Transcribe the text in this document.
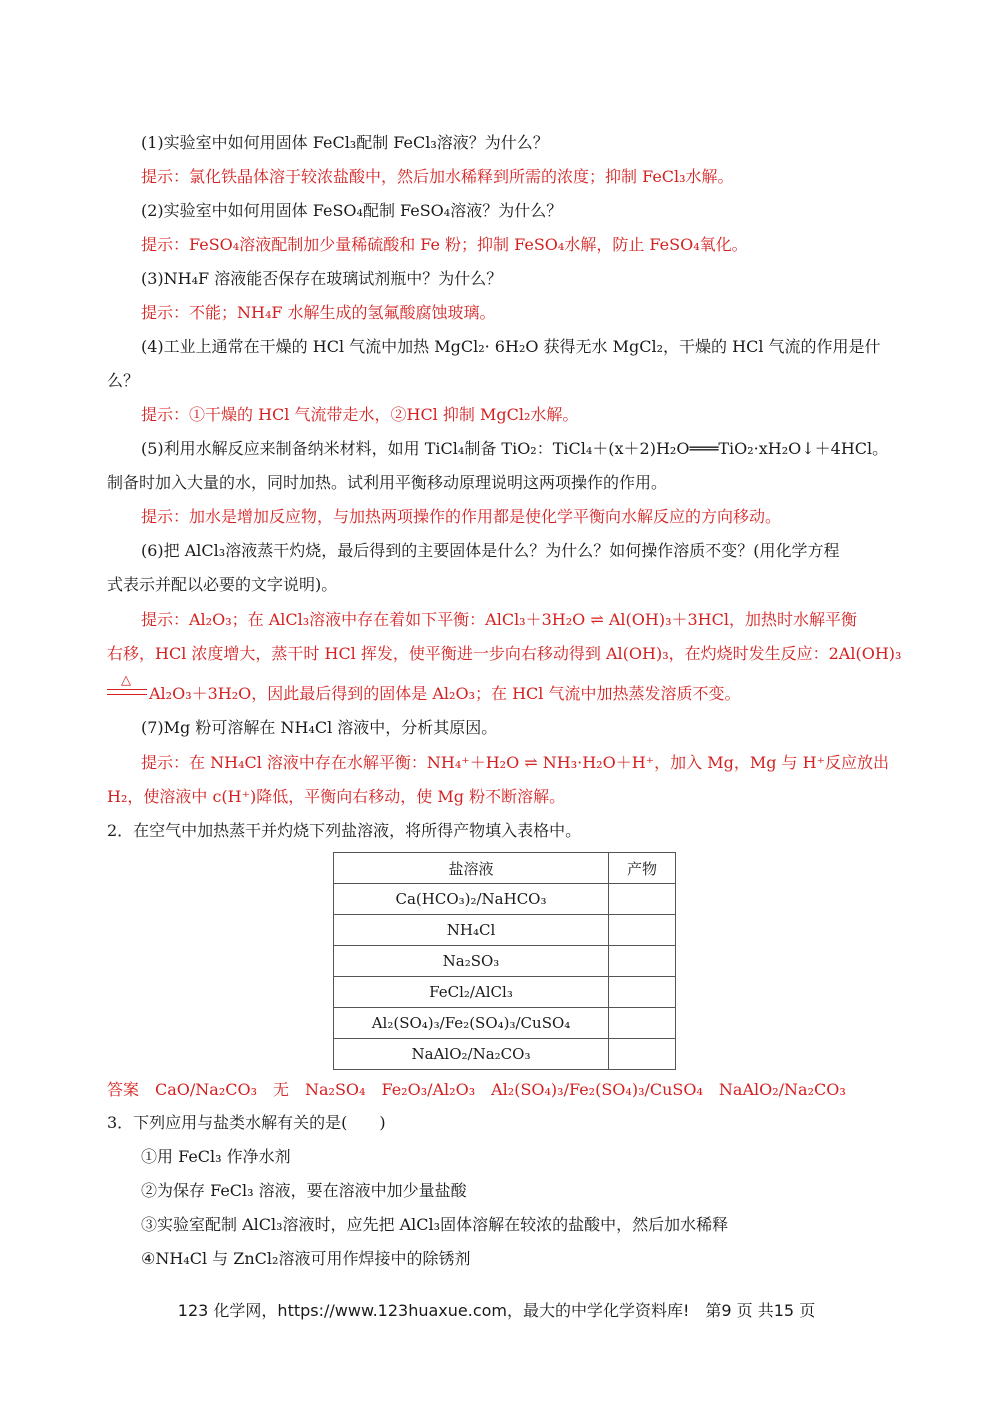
(1)实验室中如何用固体 FeCl₃配制 FeCl₃溶液？为什么？
提示：氯化铁晶体溶于较浓盐酸中，然后加水稀释到所需的浓度；抑制 FeCl₃水解。
(2)实验室中如何用固体 FeSO₄配制 FeSO₄溶液？为什么？
提示：FeSO₄溶液配制加少量稀硫酸和 Fe 粉；抑制 FeSO₄水解，防止 FeSO₄氧化。
(3)NH₄F 溶液能否保存在玻璃试剂瓶中？为什么？
提示：不能；NH₄F 水解生成的氢氟酸腐蚀玻璃。
(4)工业上通常在干燥的 HCl 气流中加热 MgCl₂· 6H₂O 获得无水 MgCl₂，干燥的 HCl 气流的作用是什
么？
提示：①干燥的 HCl 气流带走水，②HCl 抑制 MgCl₂水解。
(5)利用水解反应来制备纳米材料，如用 TiCl₄制备 TiO₂：TiCl₄＋(x＋2)H₂O═══TiO₂·xH₂O↓＋4HCl。
制备时加入大量的水，同时加热。试利用平衡移动原理说明这两项操作的作用。
提示：加水是增加反应物，与加热两项操作的作用都是使化学平衡向水解反应的方向移动。
(6)把 AlCl₃溶液蒸干灼烧，最后得到的主要固体是什么？为什么？如何操作溶质不变？(用化学方程
式表示并配以必要的文字说明)。
提示：Al₂O₃；在 AlCl₃溶液中存在着如下平衡：AlCl₃＋3H₂O ⇌ Al(OH)₃＋3HCl，加热时水解平衡
右移，HCl 浓度增大，蒸干时 HCl 挥发，使平衡进一步向右移动得到 Al(OH)₃，在灼烧时发生反应：2Al(OH)₃
△
Al₂O₃＋3H₂O，因此最后得到的固体是 Al₂O₃；在 HCl 气流中加热蒸发溶质不变。
(7)Mg 粉可溶解在 NH₄Cl 溶液中，分析其原因。
提示：在 NH₄Cl 溶液中存在水解平衡：NH₄⁺＋H₂O ⇌ NH₃·H₂O＋H⁺，加入 Mg，Mg 与 H⁺反应放出
H₂，使溶液中 c(H⁺)降低，平衡向右移动，使 Mg 粉不断溶解。
2．在空气中加热蒸干并灼烧下列盐溶液，将所得产物填入表格中。
盐溶液	产物
Ca(HCO₃)₂/NaHCO₃	
NH₄Cl	
Na₂SO₃	
FeCl₂/AlCl₃	
Al₂(SO₄)₃/Fe₂(SO₄)₃/CuSO₄	
NaAlO₂/Na₂CO₃	
答案　CaO/Na₂CO₃　无　Na₂SO₄　Fe₂O₃/Al₂O₃　Al₂(SO₄)₃/Fe₂(SO₄)₃/CuSO₄　NaAlO₂/Na₂CO₃
3．下列应用与盐类水解有关的是(　　)
①用 FeCl₃ 作净水剂
②为保存 FeCl₃ 溶液，要在溶液中加少量盐酸
③实验室配制 AlCl₃溶液时，应先把 AlCl₃固体溶解在较浓的盐酸中，然后加水稀释
④NH₄Cl 与 ZnCl₂溶液可用作焊接中的除锈剂
123 化学网，https://www.123huaxue.com，最大的中学化学资料库!　第9 页 共15 页
